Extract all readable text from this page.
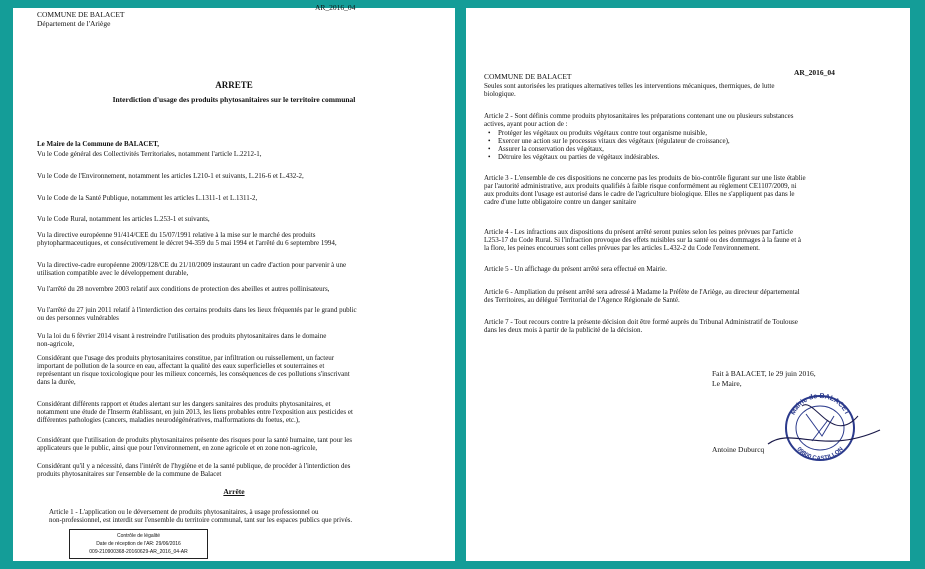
COMMUNE DE BALACET
Département de l'Ariège
AR_2016_04
ARRETE
Interdiction d'usage des produits phytosanitaires sur le territoire communal
Le Maire de la Commune de BALACET,
Vu le Code général des Collectivités Territoriales, notamment l'article L.2212-1,
Vu le Code de l'Environnement, notamment les articles L210-1 et suivants, L.216-6 et L.432-2,
Vu le Code de la Santé Publique, notamment les articles L.1311-1 et L.1311-2,
Vu le Code Rural, notamment les articles L.253-1 et suivants,
Vu la directive européenne 91/414/CEE du 15/07/1991 relative à la mise sur le marché des produits
phytopharmaceutiques, et consécutivement le décret 94-359 du 5 mai 1994 et l'arrêté du 6 septembre 1994,
Vu la directive-cadre européenne 2009/128/CE du 21/10/2009 instaurant un cadre d'action pour parvenir à une
utilisation compatible avec le développement durable,
Vu l'arrêté du 28 novembre 2003 relatif aux conditions de protection des abeilles et autres pollinisateurs,
Vu l'arrêté du 27 juin 2011 relatif à l'interdiction des certains produits dans les lieux fréquentés par le grand public
ou des personnes vulnérables
Vu la loi du 6 février 2014 visant à restreindre l'utilisation des produits phytosanitaires dans le domaine
non-agricole,
Considérant que l'usage des produits phytosanitaires constitue, par infiltration ou ruissellement, un facteur
important de pollution de la source en eau, affectant la qualité des eaux superficielles et souterraines et
représentant un risque toxicologique pour les milieux concernés, les conséquences de ces pollutions s'inscrivant
dans la durée,
Considérant différents rapport et études alertant sur les dangers sanitaires des produits phytosanitaires, et
notamment une étude de l'Inserm établissant, en juin 2013, les liens probables entre l'exposition aux pesticides et
différentes pathologies (cancers, maladies neurodégénératives, malformations du foetus, etc.),
Considérant que l'utilisation de produits phytosanitaires présente des risques pour la santé humaine, tant pour les
applicateurs que le public, ainsi que pour l'environnement, en zone agricole et en zone non-agricole,
Considérant qu'il y a nécessité, dans l'intérêt de l'hygiène et de la santé publique, de procéder à l'interdiction des
produits phytosanitaires sur l'ensemble de la commune de Balacet
Arrête
Article 1 - L'application ou le déversement de produits phytosanitaires, à usage professionnel ou
non-professionnel, est interdit sur l'ensemble du territoire communal, tant sur les espaces publics que privés.
Contrôle de légalité
Date de réception de l'AR: 29/06/2016
009-210900368-20160629-AR_2016_04-AR
COMMUNE DE BALACET	AR_2016_04
Seules sont autorisées les pratiques alternatives telles les interventions mécaniques, thermiques, de lutte
biologique.
Article 2 - Sont définis comme produits phytosanitaires les préparations contenant une ou plusieurs substances
actives, ayant pour action de :
• Protéger les végétaux ou produits végétaux contre tout organisme nuisible,
• Exercer une action sur le processus vitaux des végétaux (régulateur de croissance),
• Assurer la conservation des végétaux,
• Détruire les végétaux ou parties de végétaux indésirables.
Article 3 - L'ensemble de ces dispositions ne concerne pas les produits de bio-contrôle figurant sur une liste établie
par l'autorité administrative, aux produits qualifiés à faible risque conformément au règlement CE1107/2009, ni
aux produits dont l'usage est autorisé dans le cadre de l'agriculture biologique. Elles ne s'appliquent pas dans le
cadre d'une lutte obligatoire contre un danger sanitaire
Article 4 - Les infractions aux dispositions du présent arrêté seront punies selon les peines prévues par l'article
L253-17 du Code Rural. Si l'infraction provoque des effets nuisibles sur la santé ou des dommages à la faune et à
la flore, les peines encourues sont celles prévues par les articles L.432-2 du Code l'environnement.
Article 5 - Un affichage du présent arrêté sera effectué en Mairie.
Article 6 - Ampliation du présent arrêté sera adressé à Madame la Préfète de l'Ariège, au directeur départemental
des Territoires, au délégué Territorial de l'Agence Régionale de Santé.
Article 7 - Tout recours contre la présente décision doit être formé auprès du Tribunal Administratif de Toulouse
dans les deux mois à partir de la publicité de la décision.
Fait à BALACET, le 29 juin 2016,
Le Maire,
Mairie de BALACET
09800 CASTILLON
Antoine Duburcq
